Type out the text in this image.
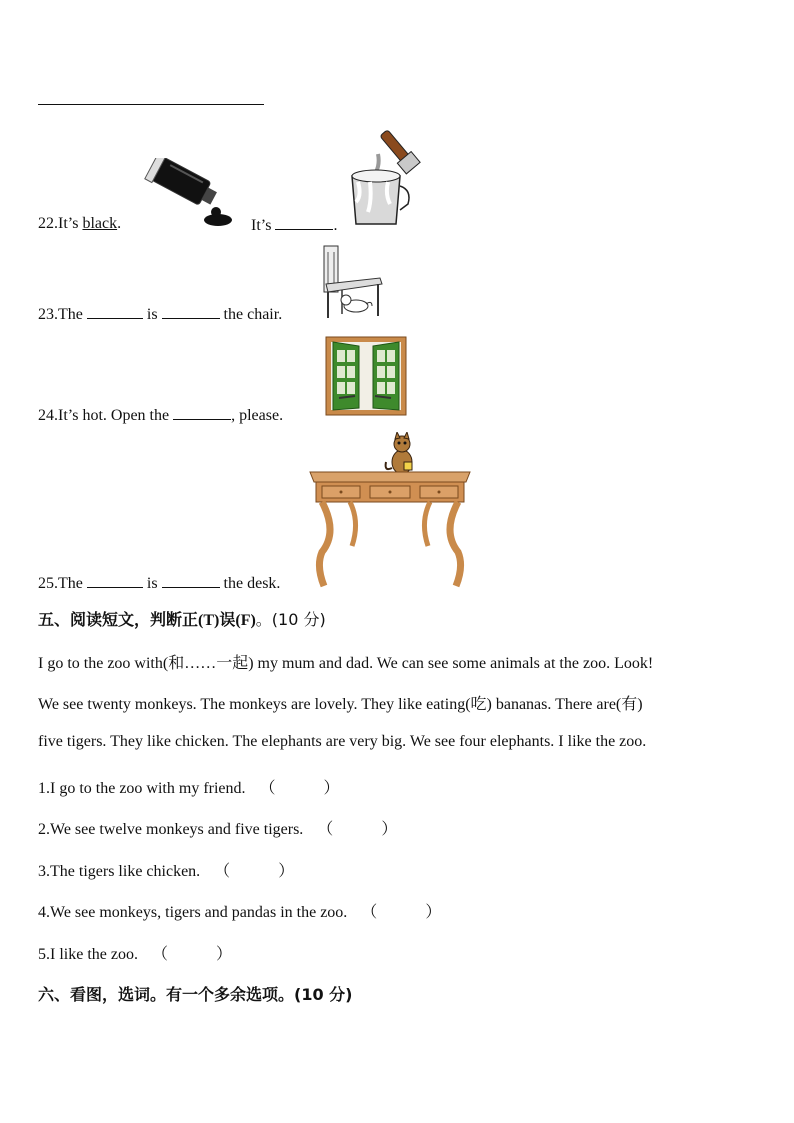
22.It’s black.	It’s	.
23.The	is	the chair.
24.It’s hot. Open the	, please.
25.The	is	the desk.
五、阅读短文，判断正(T)误(F)。(10 分)
I go to the zoo with(和……一起) my mum and dad. We can see some animals at the zoo. Look!
We see twenty monkeys. The monkeys are lovely. They like eating(吃) bananas. There are(有)
five tigers. They like chicken. The elephants are very big. We see four elephants. I like the zoo.
1.I go to the zoo with my friend. （	）
2.We see twelve monkeys and five tigers. （	）
3.The tigers like chicken. （	）
4.We see monkeys, tigers and pandas in the zoo. （	）
5.I like the zoo. （	）
六、看图，选词。有一个多余选项。(10 分)
